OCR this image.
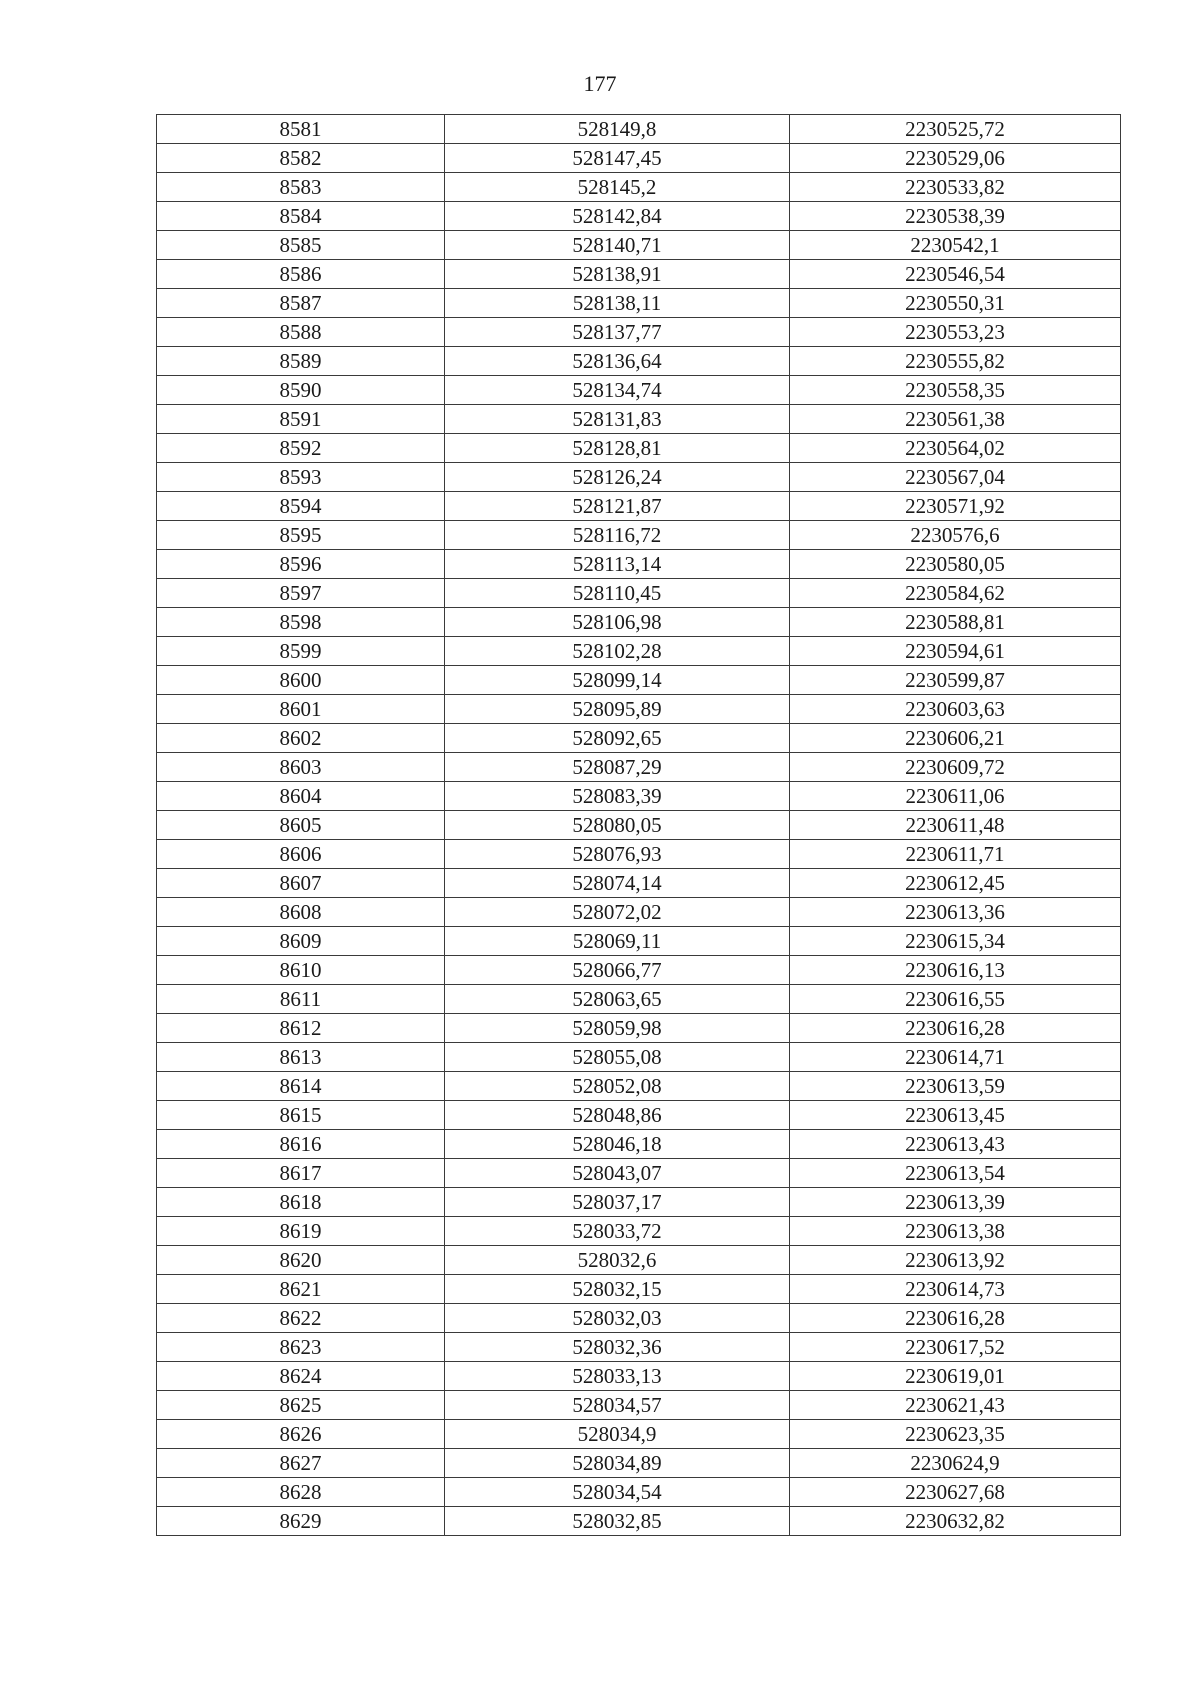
177
8581	528149,8	2230525,72
8582	528147,45	2230529,06
8583	528145,2	2230533,82
8584	528142,84	2230538,39
8585	528140,71	2230542,1
8586	528138,91	2230546,54
8587	528138,11	2230550,31
8588	528137,77	2230553,23
8589	528136,64	2230555,82
8590	528134,74	2230558,35
8591	528131,83	2230561,38
8592	528128,81	2230564,02
8593	528126,24	2230567,04
8594	528121,87	2230571,92
8595	528116,72	2230576,6
8596	528113,14	2230580,05
8597	528110,45	2230584,62
8598	528106,98	2230588,81
8599	528102,28	2230594,61
8600	528099,14	2230599,87
8601	528095,89	2230603,63
8602	528092,65	2230606,21
8603	528087,29	2230609,72
8604	528083,39	2230611,06
8605	528080,05	2230611,48
8606	528076,93	2230611,71
8607	528074,14	2230612,45
8608	528072,02	2230613,36
8609	528069,11	2230615,34
8610	528066,77	2230616,13
8611	528063,65	2230616,55
8612	528059,98	2230616,28
8613	528055,08	2230614,71
8614	528052,08	2230613,59
8615	528048,86	2230613,45
8616	528046,18	2230613,43
8617	528043,07	2230613,54
8618	528037,17	2230613,39
8619	528033,72	2230613,38
8620	528032,6	2230613,92
8621	528032,15	2230614,73
8622	528032,03	2230616,28
8623	528032,36	2230617,52
8624	528033,13	2230619,01
8625	528034,57	2230621,43
8626	528034,9	2230623,35
8627	528034,89	2230624,9
8628	528034,54	2230627,68
8629	528032,85	2230632,82
